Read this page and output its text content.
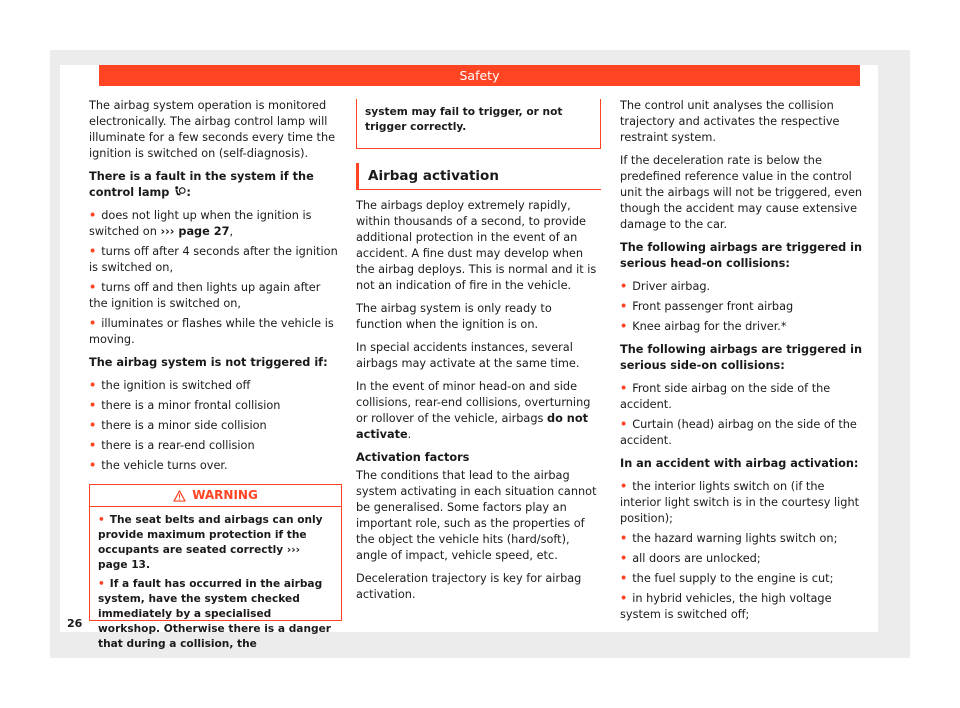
Safety

The airbag system operation is monitored electronically. The airbag control lamp will illuminate for a few seconds every time the ignition is switched on (self-diagnosis).

There is a fault in the system if the control lamp :

• does not light up when the ignition is switched on ››› page 27,
• turns off after 4 seconds after the ignition is switched on,
• turns off and then lights up again after the ignition is switched on,
• illuminates or flashes while the vehicle is moving.

The airbag system is not triggered if:

• the ignition is switched off
• there is a minor frontal collision
• there is a minor side collision
• there is a rear-end collision
• the vehicle turns over.
WARNING
• The seat belts and airbags can only provide maximum protection if the occupants are seated correctly ››› page 13.
• If a fault has occurred in the airbag system, have the system checked immediately by a specialised workshop. Otherwise there is a danger that during a collision, the
system may fail to trigger, or not trigger correctly.
Airbag activation

The airbags deploy extremely rapidly, within thousands of a second, to provide additional protection in the event of an accident. A fine dust may develop when the airbag deploys. This is normal and it is not an indication of fire in the vehicle.

The airbag system is only ready to function when the ignition is on.

In special accidents instances, several airbags may activate at the same time.

In the event of minor head-on and side collisions, rear-end collisions, overturning or rollover of the vehicle, airbags do not activate.

Activation factors

The conditions that lead to the airbag system activating in each situation cannot be generalised. Some factors play an important role, such as the properties of the object the vehicle hits (hard/soft), angle of impact, vehicle speed, etc.

Deceleration trajectory is key for airbag activation.

The control unit analyses the collision trajectory and activates the respective restraint system.

If the deceleration rate is below the predefined reference value in the control unit the airbags will not be triggered, even though the accident may cause extensive damage to the car.

The following airbags are triggered in serious head-on collisions:

• Driver airbag.
• Front passenger front airbag
• Knee airbag for the driver.*

The following airbags are triggered in serious side-on collisions:

• Front side airbag on the side of the accident.
• Curtain (head) airbag on the side of the accident.

In an accident with airbag activation:

• the interior lights switch on (if the interior light switch is in the courtesy light position);
• the hazard warning lights switch on;
• all doors are unlocked;
• the fuel supply to the engine is cut;
• in hybrid vehicles, the high voltage system is switched off;
26
